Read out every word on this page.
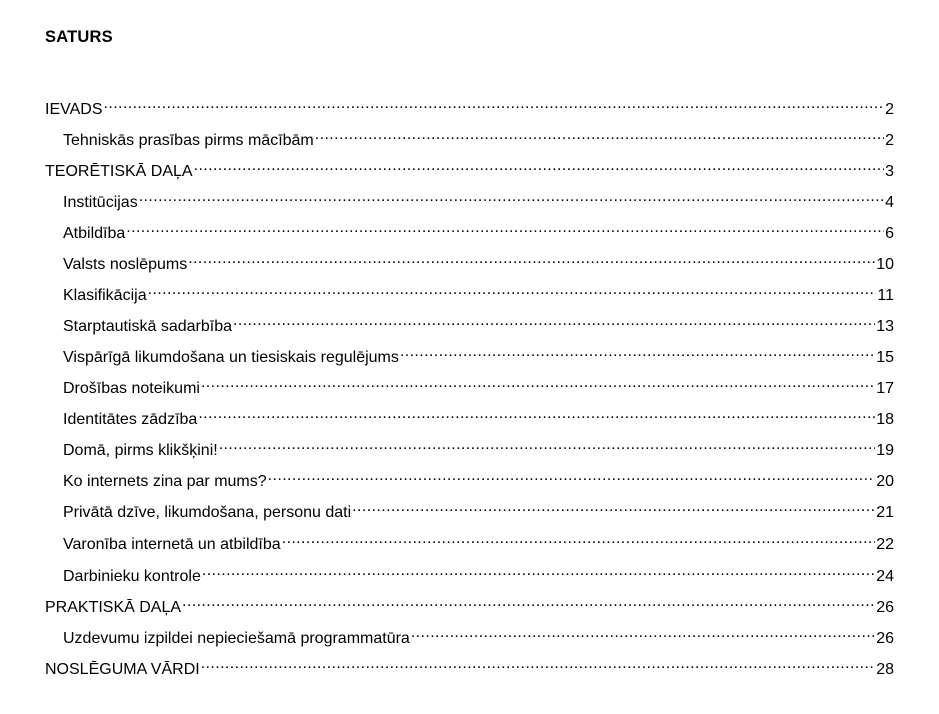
SATURS
IEVADS .....	2
Tehniskās prasības pirms mācībām .....	2
TEORĒTISKĀ DAĻA .....	3
Institūcijas .....	4
Atbildība .....	6
Valsts noslēpums .....	10
Klasifikācija .....	11
Starptautiskā sadarbība .....	13
Vispārīgā likumdošana un tiesiskais regulējums .....	15
Drošības noteikumi .....	17
Identitātes zādzība .....	18
Domā, pirms klikšķini! .....	19
Ko internets zina par mums? .....	20
Privātā dzīve, likumdošana, personu dati .....	21
Varonība internetā un atbildība .....	22
Darbinieku kontrole .....	24
PRAKTISKĀ DAĻA .....	26
Uzdevumu izpildei nepieciešamā programmatūra .....	26
NOSLĒGUMA VĀRDI .....	28
